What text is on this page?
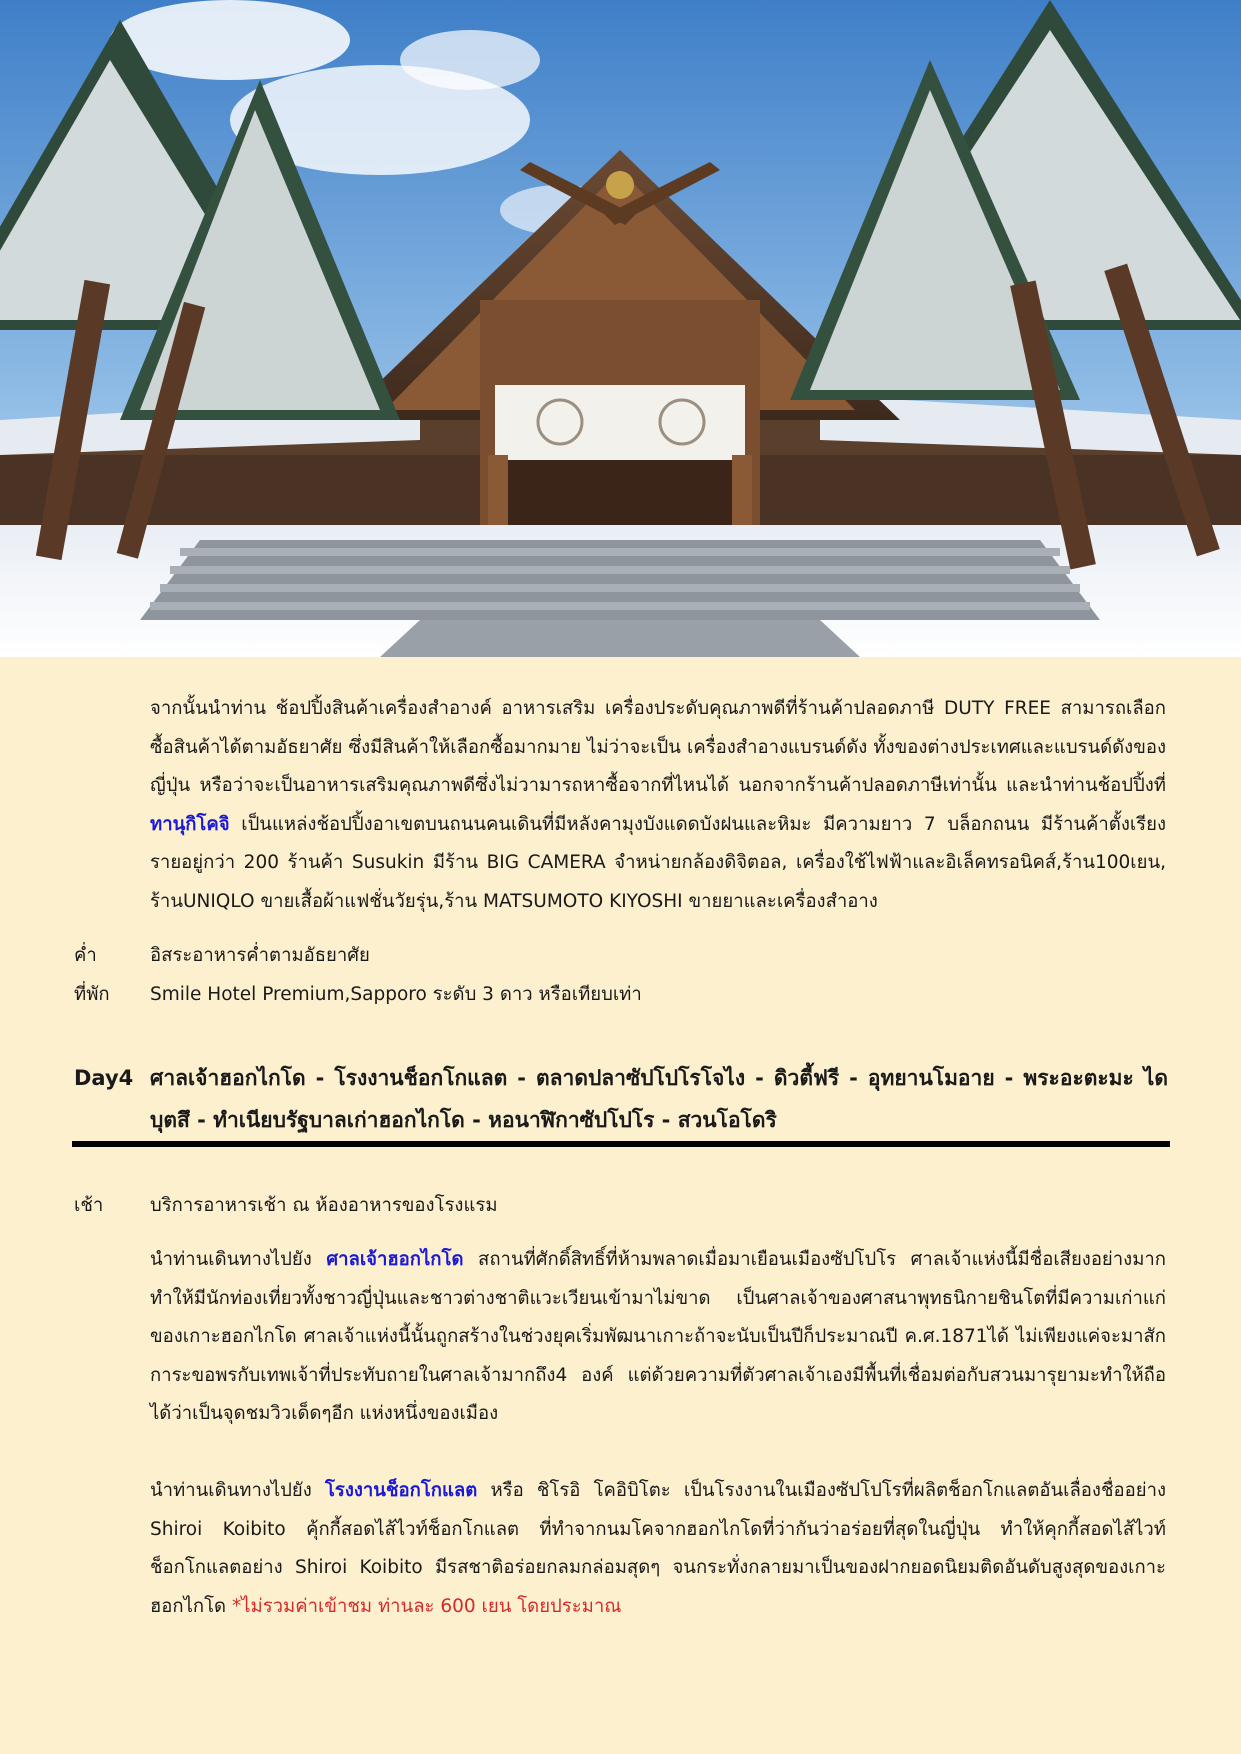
จากนั้นนำท่าน ช้อปปิ้งสินค้าเครื่องสำอางค์ อาหารเสริม เครื่องประดับคุณภาพดีที่ร้านค้าปลอดภาษี DUTY FREE สามารถเลือกซื้อสินค้าได้ตามอัธยาศัย ซึ่งมีสินค้าให้เลือกซื้อมากมาย ไม่ว่าจะเป็น เครื่องสำอางแบรนด์ดัง ทั้งของต่างประเทศและแบรนด์ดังของญี่ปุ่น หรือว่าจะเป็นอาหารเสริมคุณภาพดีซึ่งไม่วามารถหาซื้อจากที่ไหนได้ นอกจากร้านค้าปลอดภาษีเท่านั้น และนำท่านช้อปปิ้งที่ ทานุกิโคจิ เป็นแหล่งช้อปปิ้งอาเขตบนถนนคนเดินที่มีหลังคามุงบังแดดบังฝนและหิมะ มีความยาว 7 บล็อกถนน มีร้านค้าตั้งเรียงรายอยู่กว่า 200 ร้านค้า Susukin มีร้าน BIG CAMERA จำหน่ายกล้องดิจิตอล, เครื่องใช้ไฟฟ้าและอิเล็คทรอนิคส์,ร้าน100เยน, ร้านUNIQLO ขายเสื้อผ้าแฟชั่นวัยรุ่น,ร้าน MATSUMOTO KIYOSHI ขายยาและเครื่องสำอาง

ค่ำ	อิสระอาหารค่ำตามอัธยาศัย
ที่พัก Smile Hotel Premium,Sapporo ระดับ 3 ดาว หรือเทียบเท่า
Day4 ศาลเจ้าฮอกไกโด - โรงงานช็อกโกแลต - ตลาดปลาซัปโปโรโจไง - ดิวตี้ฟรี - อุทยานโมอาย - พระอะตะมะ ไดบุตสึ - ทำเนียบรัฐบาลเก่าฮอกไกโด - หอนาฬิกาซัปโปโร - สวนโอโดริ
เช้า	บริการอาหารเช้า ณ ห้องอาหารของโรงแรม

นำท่านเดินทางไปยัง ศาลเจ้าฮอกไกโด สถานที่ศักดิ์สิทธิ์ที่ห้ามพลาดเมื่อมาเยือนเมืองซัปโปโร ศาลเจ้าแห่งนี้มีชื่อเสียงอย่างมาก ทำให้มีนักท่องเที่ยวทั้งชาวญี่ปุ่นและชาวต่างชาติแวะเวียนเข้ามาไม่ขาด เป็นศาลเจ้าของศาสนาพุทธนิกายชินโตที่มีความเก่าแก่ของเกาะฮอกไกโด ศาลเจ้าแห่งนี้นั้นถูกสร้างในช่วงยุคเริ่มพัฒนาเกาะถ้าจะนับเป็นปีก็ประมาณปี ค.ศ.1871ได้ ไม่เพียงแค่จะมาสักการะขอพรกับเทพเจ้าที่ประทับถายในศาลเจ้ามากถึง4 องค์ แต่ด้วยความที่ตัวศาลเจ้าเองมีพื้นที่เชื่อมต่อกับสวนมารุยามะทำให้ถือได้ว่าเป็นจุดชมวิวเด็ดๆอีก แห่งหนึ่งของเมือง

นำท่านเดินทางไปยัง โรงงานช็อกโกแลต หรือ ชิโรอิ โคอิบิโตะ เป็นโรงงานในเมืองซัปโปโรที่ผลิตช็อกโกแลตอันเลื่องชื่ออย่าง Shiroi Koibito คุ้กกี้สอดไส้ไวท์ช็อกโกแลต ที่ทำจากนมโคจากฮอกไกโดที่ว่ากันว่าอร่อยที่สุดในญี่ปุ่น ทำให้คุกกี้สอดไส้ไวท์ช็อกโกแลตอย่าง Shiroi Koibito มีรสชาติอร่อยกลมกล่อมสุดๆ จนกระทั่งกลายมาเป็นของฝากยอดนิยมติดอันดับสูงสุดของเกาะฮอกไกโด *ไม่รวมค่าเข้าชม ท่านละ 600 เยน โดยประมาณ
